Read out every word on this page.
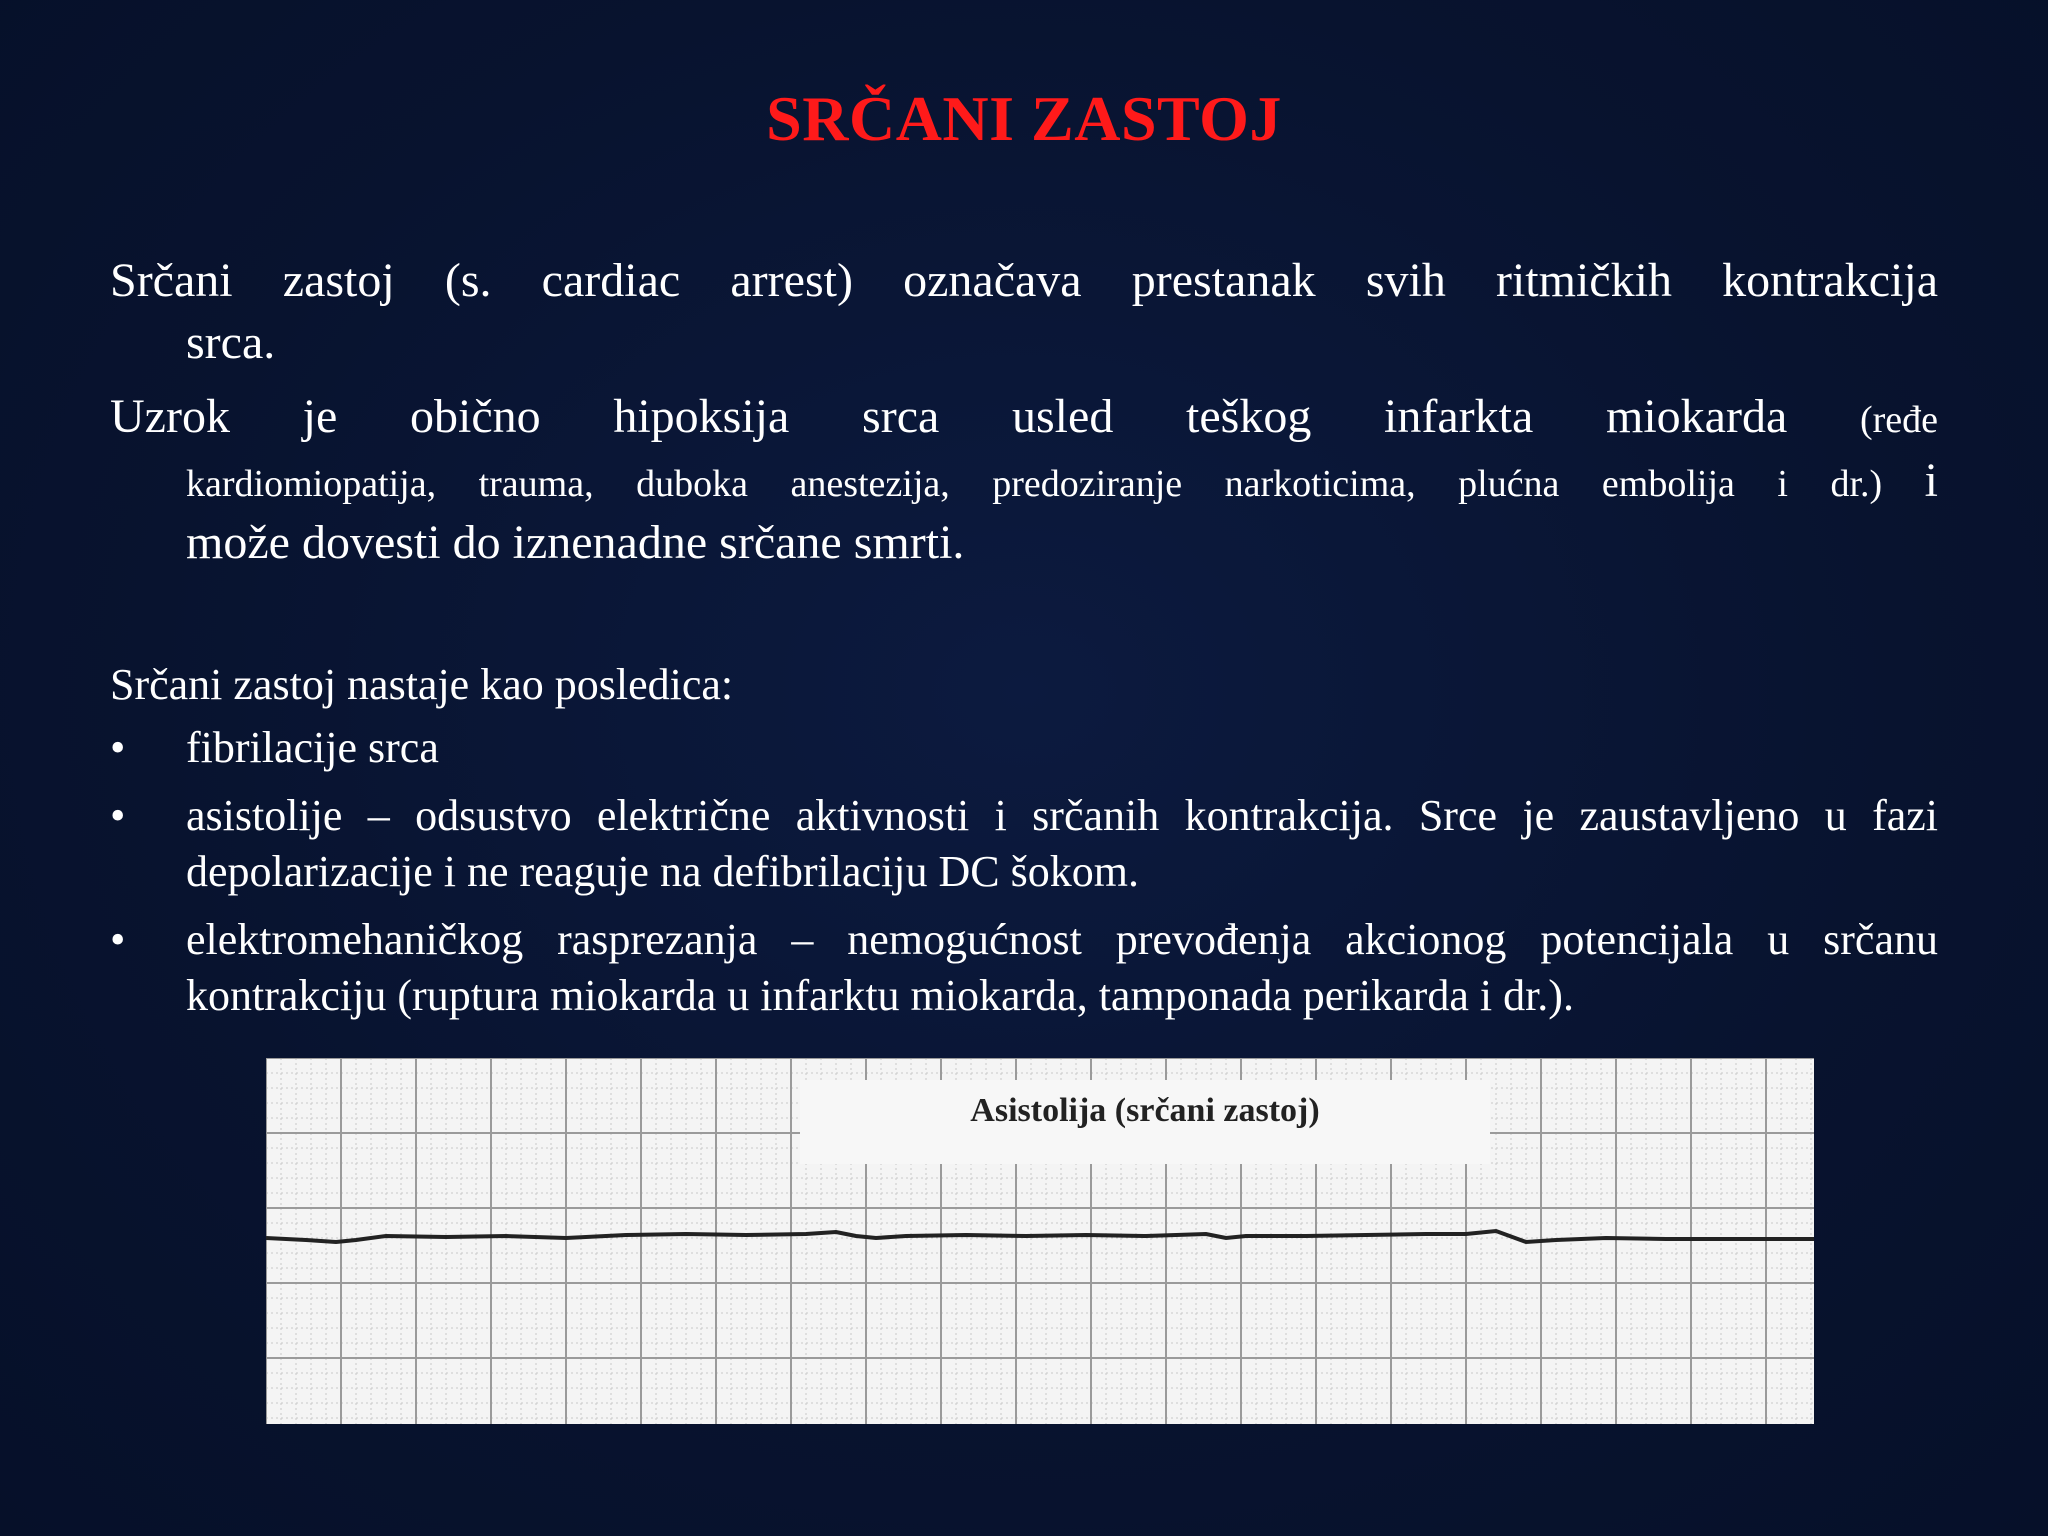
SRČANI ZASTOJ
Srčani zastoj (s. cardiac arrest) označava prestanak svih ritmičkih kontrakcija
srca.
Uzrok je obično hipoksija srca usled teškog infarkta miokarda (ređe
kardiomiopatija, trauma, duboka anestezija, predoziranje narkoticima, plućna embolija i dr.) i
može dovesti do iznenadne srčane smrti.
Srčani zastoj nastaje kao posledica:
• fibrilacije srca
• asistolije – odsustvo električne aktivnosti i srčanih kontrakcija. Srce je zaustavljeno u fazi depolarizacije i ne reaguje na defibrilaciju DC šokom.
• elektromehaničkog rasprezanja – nemogućnost prevođenja akcionog potencijala u srčanu kontrakciju (ruptura miokarda u infarktu miokarda, tamponada perikarda i dr.).
Asistolija (srčani zastoj)
